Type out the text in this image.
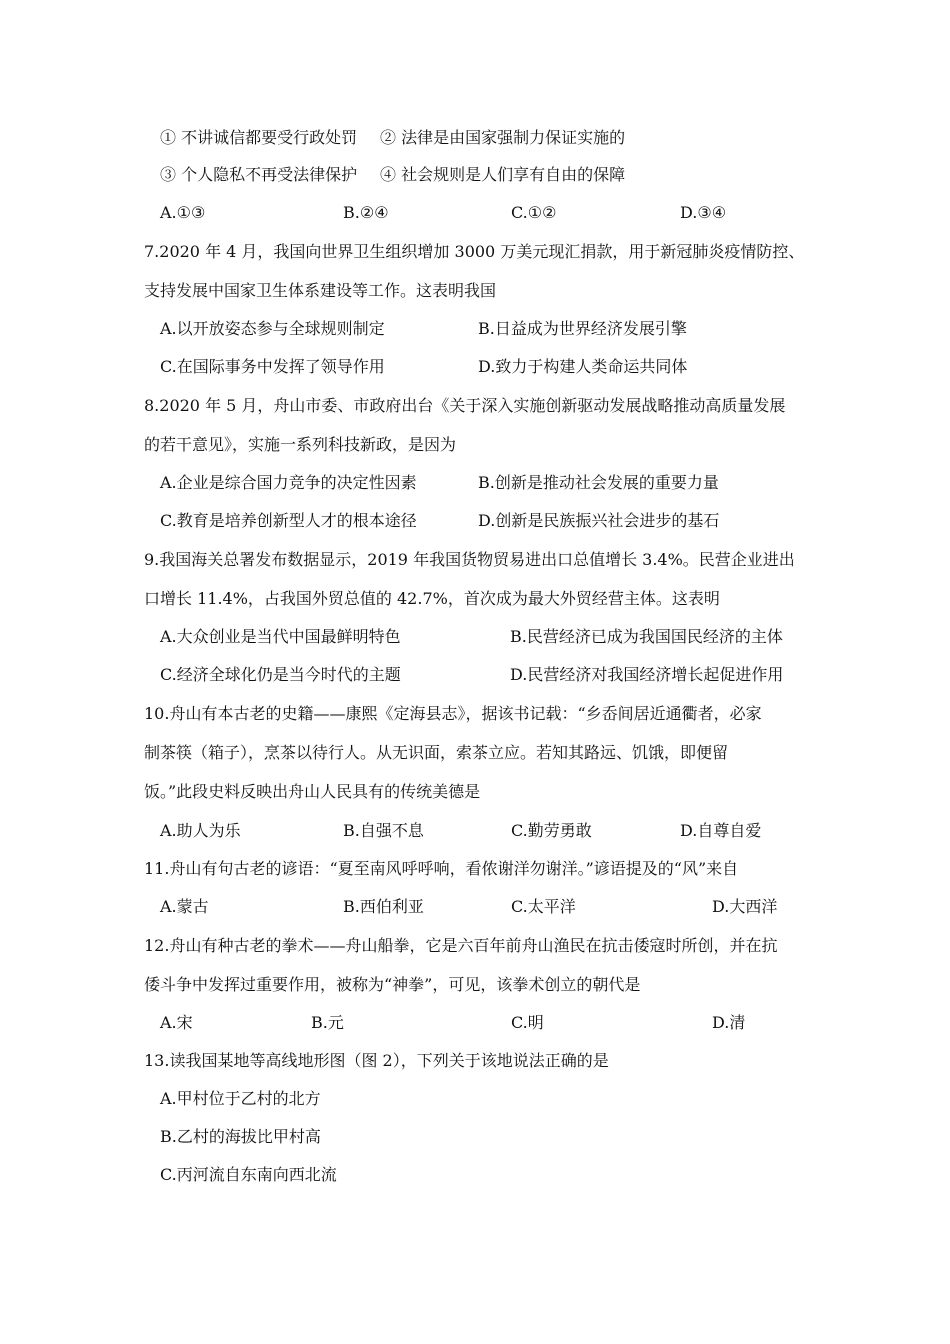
① 不讲诚信都要受行政处罚 ② 法律是由国家强制力保证实施的
③ 个人隐私不再受法律保护 ④ 社会规则是人们享有自由的保障
A.①③	B.②④	C.①②	D.③④
7.2020 年 4 月，我国向世界卫生组织增加 3000 万美元现汇捐款，用于新冠肺炎疫情防控、
支持发展中国家卫生体系建设等工作。这表明我国
A.以开放姿态参与全球规则制定	B.日益成为世界经济发展引擎
C.在国际事务中发挥了领导作用	D.致力于构建人类命运共同体
8.2020 年 5 月，舟山市委、市政府出台《关于深入实施创新驱动发展战略推动高质量发展
的若干意见》，实施一系列科技新政，是因为
A.企业是综合国力竞争的决定性因素	B.创新是推动社会发展的重要力量
C.教育是培养创新型人才的根本途径	D.创新是民族振兴社会进步的基石
9.我国海关总署发布数据显示，2019 年我国货物贸易进出口总值增长 3.4%。民营企业进出
口增长 11.4%，占我国外贸总值的 42.7%，首次成为最大外贸经营主体。这表明
A.大众创业是当代中国最鲜明特色	B.民营经济已成为我国国民经济的主体
C.经济全球化仍是当今时代的主题	D.民营经济对我国经济增长起促进作用
10.舟山有本古老的史籍——康熙《定海县志》，据该书记载：“乡岙间居近通衢者，必家
制茶筷（箱子），烹茶以待行人。从无识面，索茶立应。若知其路远、饥饿，即便留
饭。”此段史料反映出舟山人民具有的传统美德是
A.助人为乐	B.自强不息	C.勤劳勇敢	D.自尊自爱
11.舟山有句古老的谚语：“夏至南风呼呼响，看侬谢洋勿谢洋。”谚语提及的“风”来自
A.蒙古	B.西伯利亚	C.太平洋	D.大西洋
12.舟山有种古老的拳术——舟山船拳，它是六百年前舟山渔民在抗击倭寇时所创，并在抗
倭斗争中发挥过重要作用，被称为“神拳”，可见，该拳术创立的朝代是
A.宋	B.元	C.明	D.清
13.读我国某地等高线地形图（图 2），下列关于该地说法正确的是
A.甲村位于乙村的北方
B.乙村的海拔比甲村高
C.丙河流自东南向西北流
